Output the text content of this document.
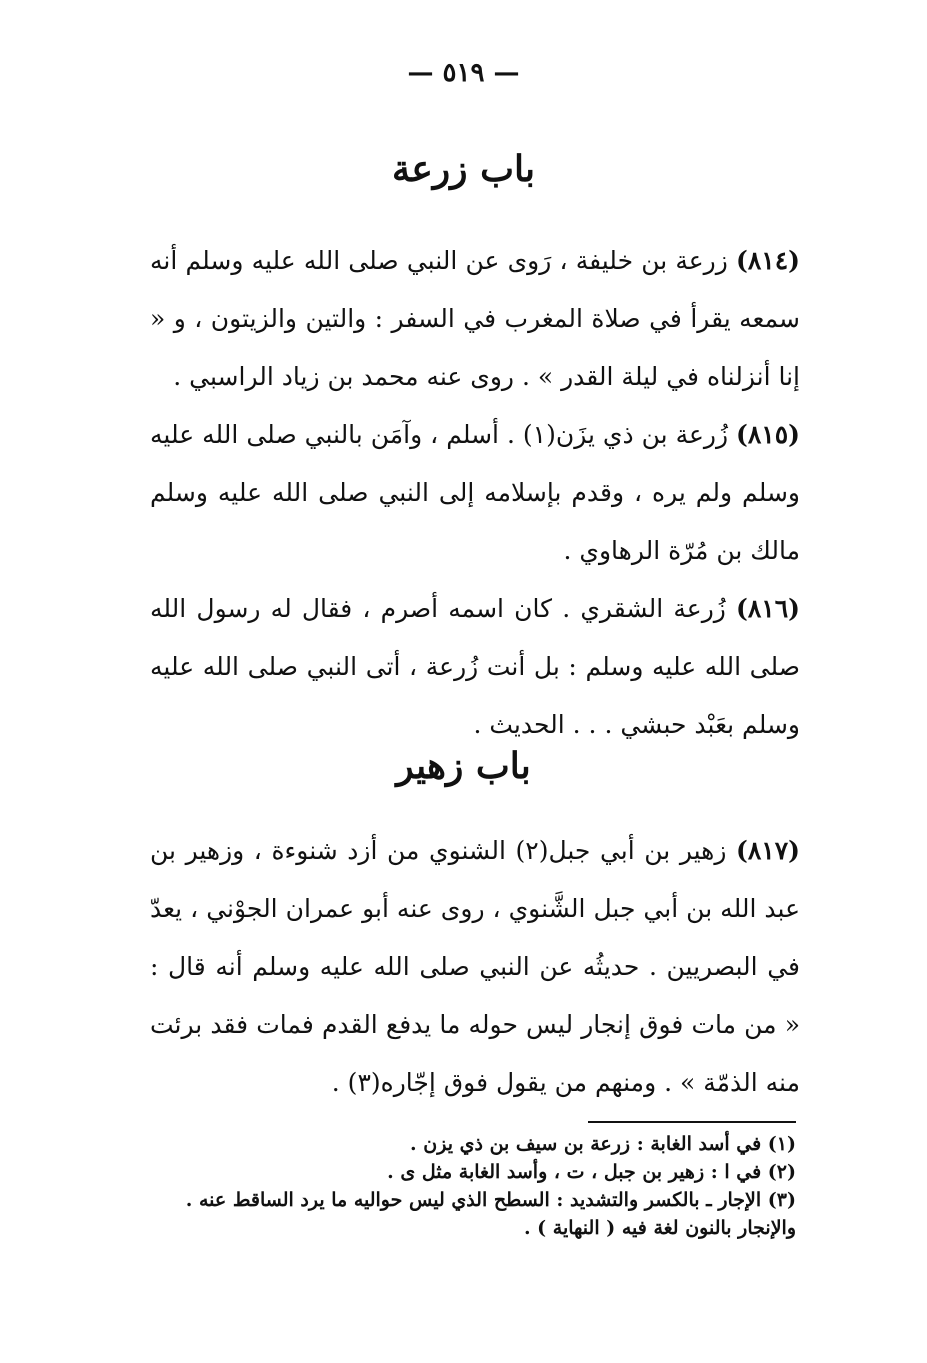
— ٥١٩ —
باب زرعة

(٨١٤) زرعة بن خليفة ، رَوى عن النبي صلى الله عليه وسلم أنه سمعه يقرأ في صلاة المغرب في السفر : والتين والزيتون ، و « إنا أنزلناه في ليلة القدر » . روى عنه محمد بن زياد الراسبي .

(٨١٥) زُرعة بن ذي يزَن(١) . أسلم ، وآمَن بالنبي صلى الله عليه وسلم ولم يره ، وقدم بإسلامه إلى النبي صلى الله عليه وسلم مالك بن مُرّة الرهاوي .

(٨١٦) زُرعة الشقري . كان اسمه أصرم ، فقال له رسول الله صلى الله عليه وسلم : بل أنت زُرعة ، أتى النبي صلى الله عليه وسلم بعَبْد حبشي . . . الحديث .

باب زهير

(٨١٧) زهير بن أبي جبل(٢) الشنوي من أزد شنوءة ، وزهير بن عبد الله بن أبي جبل الشَّنوي ، روى عنه أبو عمران الجوْني ، يعدّ في البصريين . حديثُه عن النبي صلى الله عليه وسلم أنه قال : « من مات فوق إنجار ليس حوله ما يدفع القدم فمات فقد برئت منه الذمّة » . ومنهم من يقول فوق إجّاره(٣) .

(١) في أسد الغابة : زرعة بن سيف بن ذي يزن .
(٢) في ا : زهير بن جبل ، ت ، وأسد الغابة مثل ى .
(٣) الإجار ـ بالكسر والتشديد : السطح الذي ليس حواليه ما يرد الساقط عنه . والإنجار بالنون لغة فيه ( النهاية ) .
